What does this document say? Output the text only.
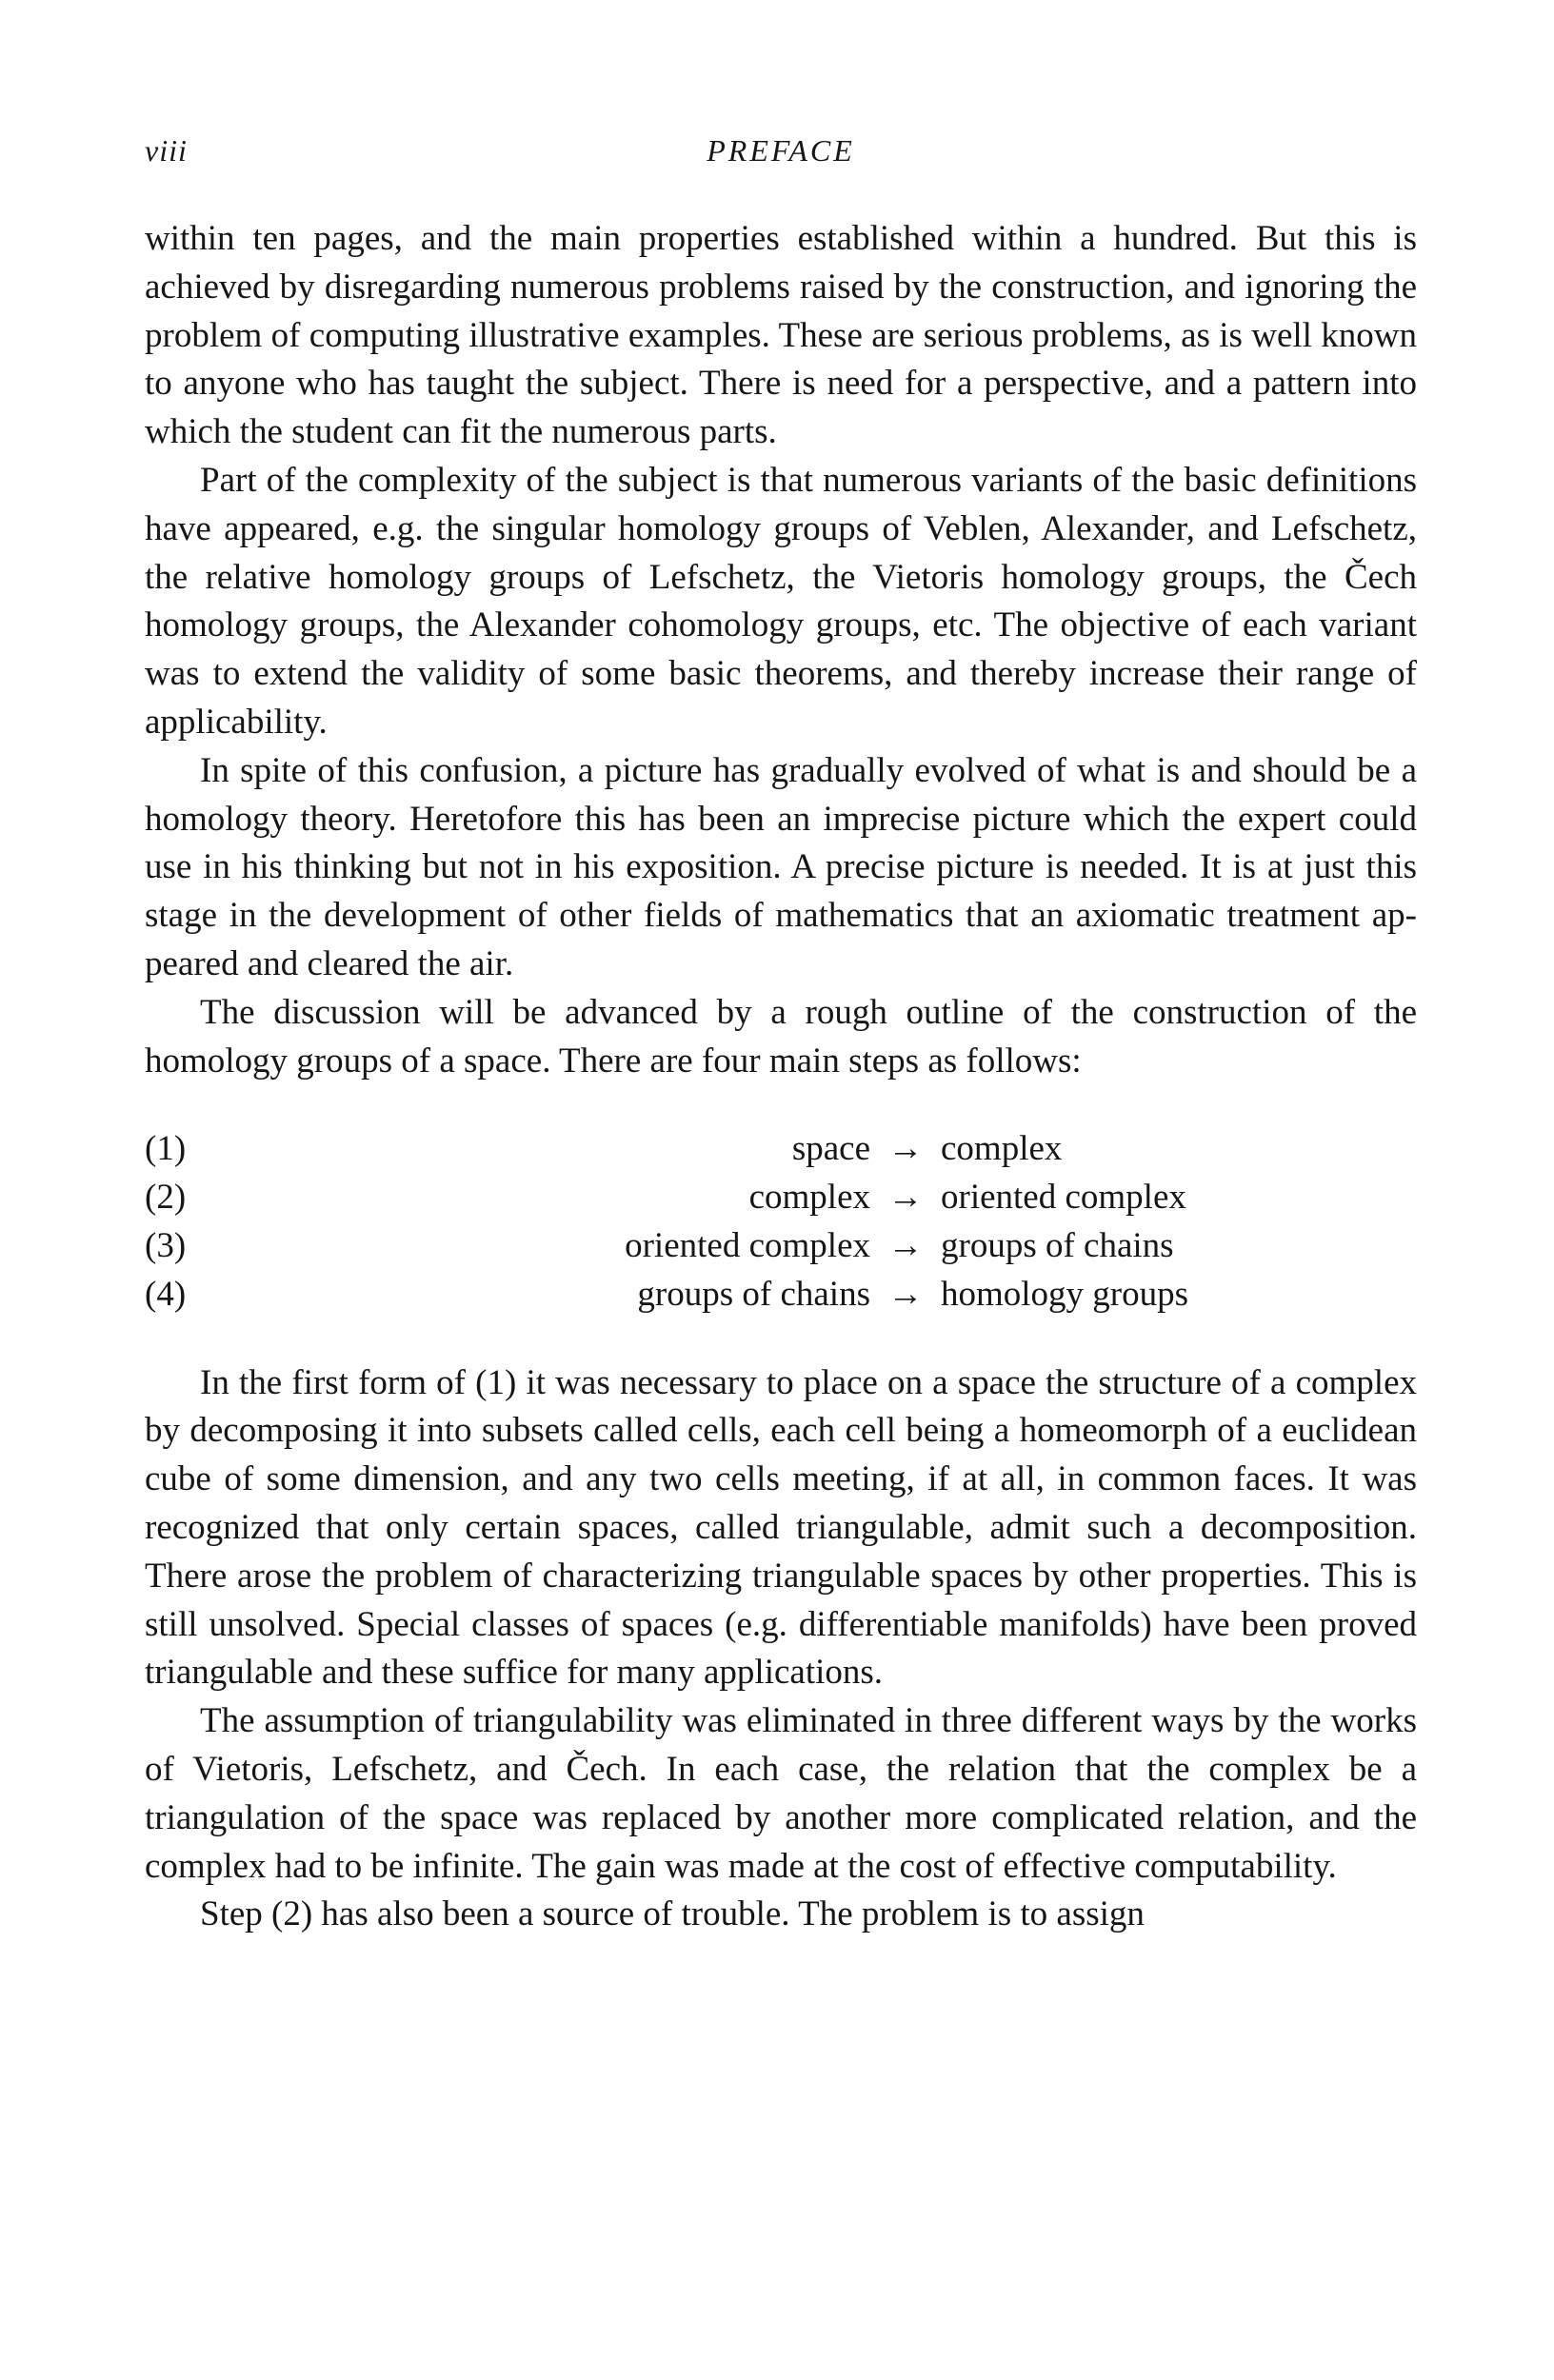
viii	PREFACE

within ten pages, and the main properties established within a hundred. But this is achieved by disregarding numerous problems raised by the construction, and ignoring the problem of computing illustrative examples. These are serious problems, as is well known to anyone who has taught the subject. There is need for a perspective, and a pattern into which the student can fit the numerous parts.

Part of the complexity of the subject is that numerous variants of the basic definitions have appeared, e.g. the singular homology groups of Veblen, Alexander, and Lefschetz, the relative homology groups of Lefschetz, the Vietoris homology groups, the Čech homology groups, the Alexander cohomology groups, etc. The objective of each variant was to extend the validity of some basic theorems, and thereby increase their range of applicability.

In spite of this confusion, a picture has gradually evolved of what is and should be a homology theory. Heretofore this has been an imprecise picture which the expert could use in his thinking but not in his exposition. A precise picture is needed. It is at just this stage in the development of other fields of mathematics that an axiomatic treatment appeared and cleared the air.

The discussion will be advanced by a rough outline of the construction of the homology groups of a space. There are four main steps as follows:

(1)	space → complex
(2)	complex → oriented complex
(3)	oriented complex → groups of chains
(4)	groups of chains → homology groups

In the first form of (1) it was necessary to place on a space the structure of a complex by decomposing it into subsets called cells, each cell being a homeomorph of a euclidean cube of some dimension, and any two cells meeting, if at all, in common faces. It was recognized that only certain spaces, called triangulable, admit such a decomposition. There arose the problem of characterizing triangulable spaces by other properties. This is still unsolved. Special classes of spaces (e.g. differentiable manifolds) have been proved triangulable and these suffice for many applications.

The assumption of triangulability was eliminated in three different ways by the works of Vietoris, Lefschetz, and Čech. In each case, the relation that the complex be a triangulation of the space was replaced by another more complicated relation, and the complex had to be infinite. The gain was made at the cost of effective computability.

Step (2) has also been a source of trouble. The problem is to assign
